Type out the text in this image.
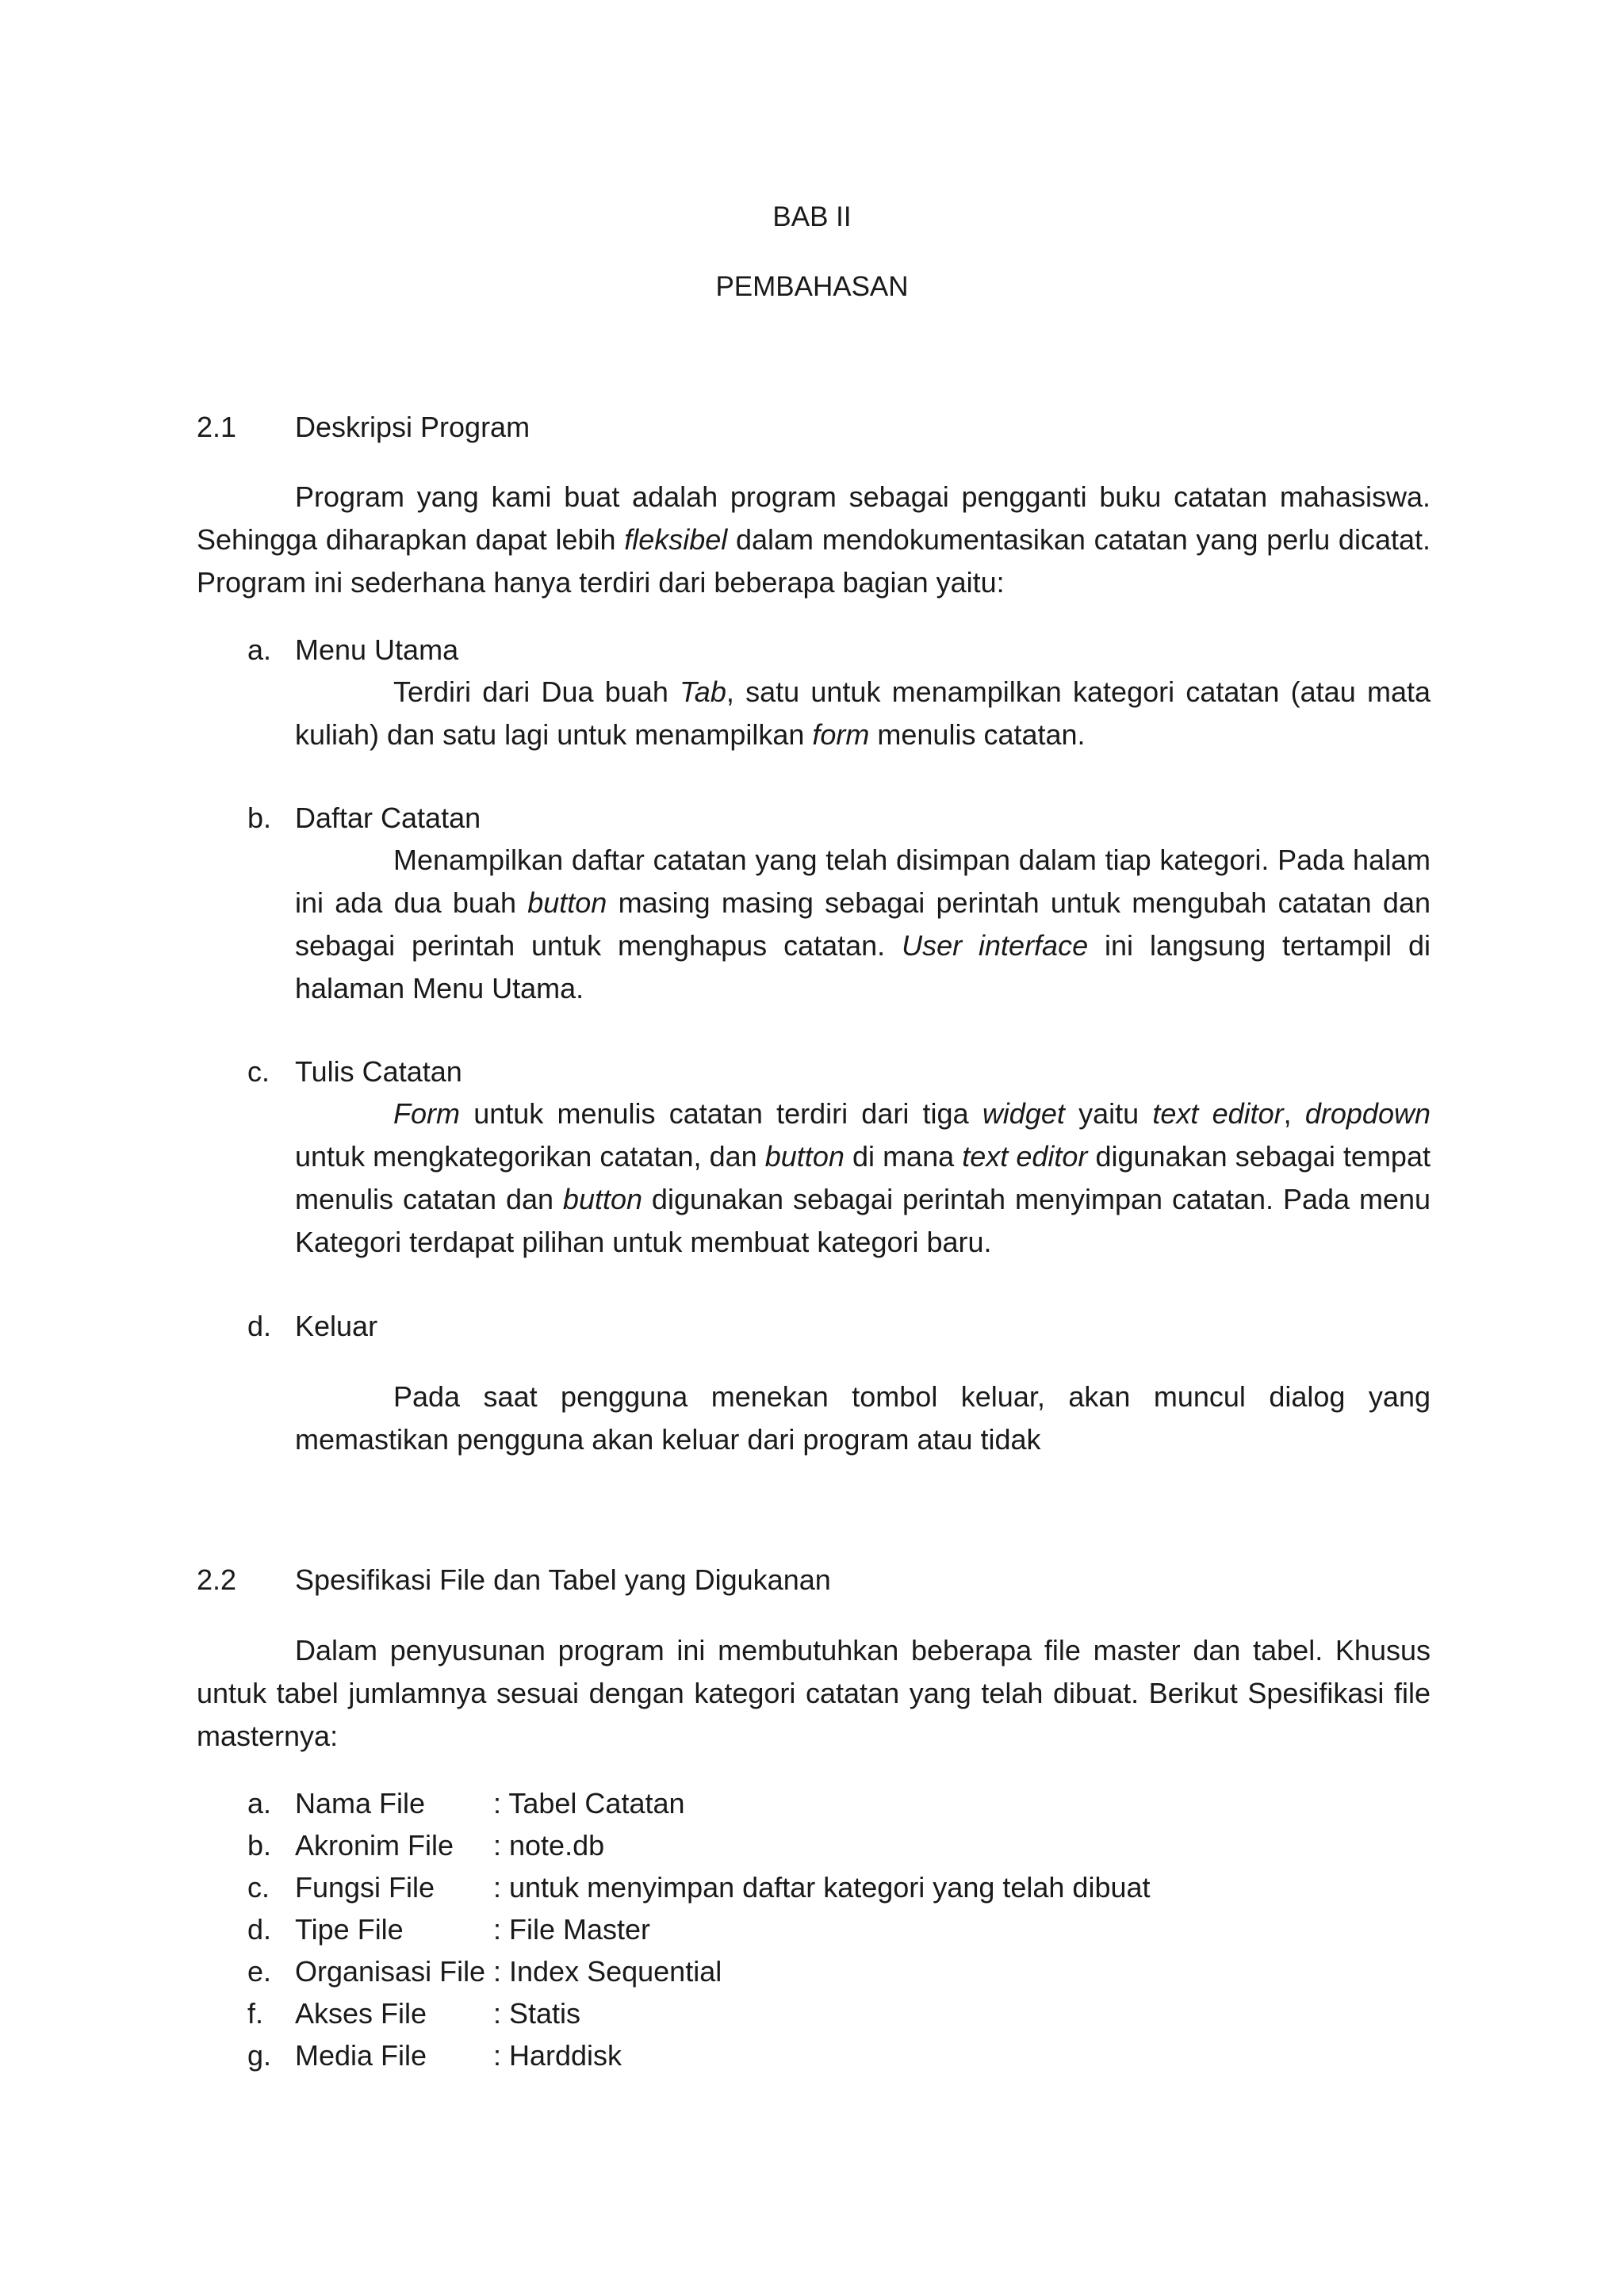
BAB II
PEMBAHASAN
2.1 Deskripsi Program

Program yang kami buat adalah program sebagai pengganti buku catatan mahasiswa. Sehingga diharapkan dapat lebih fleksibel dalam mendokumentasikan catatan yang perlu dicatat. Program ini sederhana hanya terdiri dari beberapa bagian yaitu:

a. Menu Utama

Terdiri dari Dua buah Tab, satu untuk menampilkan kategori catatan (atau mata kuliah) dan satu lagi untuk menampilkan form menulis catatan.

b. Daftar Catatan

Menampilkan daftar catatan yang telah disimpan dalam tiap kategori. Pada halam ini ada dua buah button masing masing sebagai perintah untuk mengubah catatan dan sebagai perintah untuk menghapus catatan. User interface ini langsung tertampil di halaman Menu Utama.

c. Tulis Catatan

Form untuk menulis catatan terdiri dari tiga widget yaitu text editor, dropdown untuk mengkategorikan catatan, dan button di mana text editor digunakan sebagai tempat menulis catatan dan button digunakan sebagai perintah menyimpan catatan. Pada menu Kategori terdapat pilihan untuk membuat kategori baru.

d. Keluar

Pada saat pengguna menekan tombol keluar, akan muncul dialog yang memastikan pengguna akan keluar dari program atau tidak

2.2 Spesifikasi File dan Tabel yang Digukanan

Dalam penyusunan program ini membutuhkan beberapa file master dan tabel. Khusus untuk tabel jumlamnya sesuai dengan kategori catatan yang telah dibuat. Berikut Spesifikasi file masternya:

a. Nama File	: Tabel Catatan
b. Akronim File	: note.db
c. Fungsi File	: untuk menyimpan daftar kategori yang telah dibuat
d. Tipe File	: File Master
e. Organisasi File : Index Sequential
f.	Akses File	: Statis
g. Media File	: Harddisk
